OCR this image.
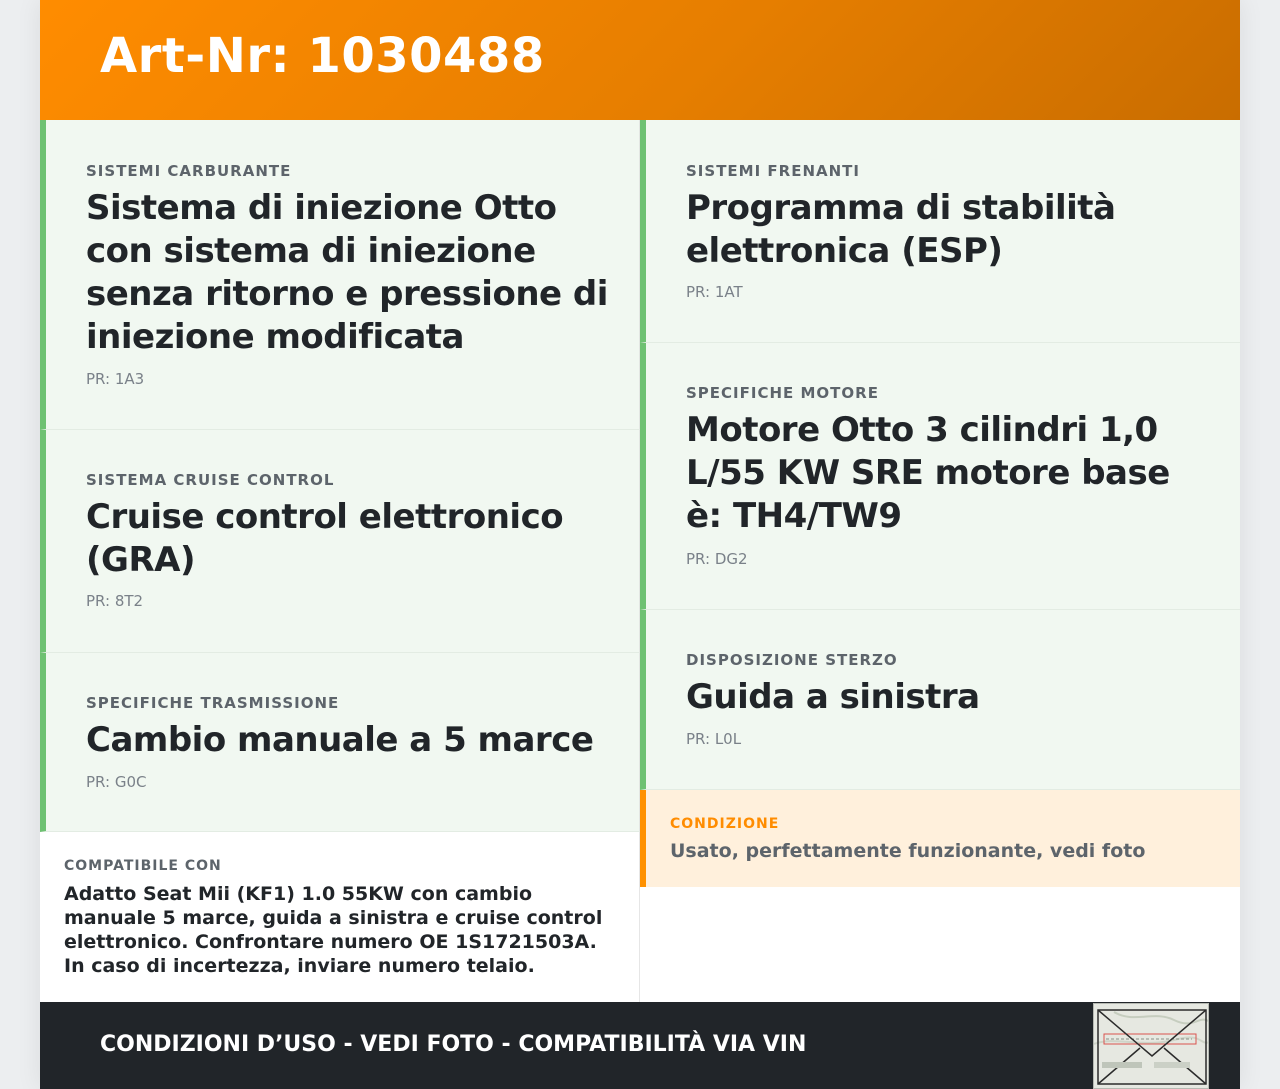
Art-Nr: 1030488
SISTEMI CARBURANTE
Sistema di iniezione Otto con sistema di iniezione senza ritorno e pressione di iniezione modificata
PR: 1A3
SISTEMA CRUISE CONTROL
Cruise control elettronico (GRA)
PR: 8T2
SPECIFICHE TRASMISSIONE
Cambio manuale a 5 marce
PR: G0C
SISTEMI FRENANTI
Programma di stabilità elettronica (ESP)
PR: 1AT
SPECIFICHE MOTORE
Motore Otto 3 cilindri 1,0 L/55 KW SRE motore base è: TH4/TW9
PR: DG2
DISPOSIZIONE STERZO
Guida a sinistra
PR: L0L
COMPATIBILE CON
Adatto Seat Mii (KF1) 1.0 55KW con cambio manuale 5 marce, guida a sinistra e cruise control elettronico. Confrontare numero OE 1S1721503A. In caso di incertezza, inviare numero telaio.
CONDIZIONE
Usato, perfettamente funzionante, vedi foto
CONDIZIONI D’USO - VEDI FOTO - COMPATIBILITÀ VIA VIN
